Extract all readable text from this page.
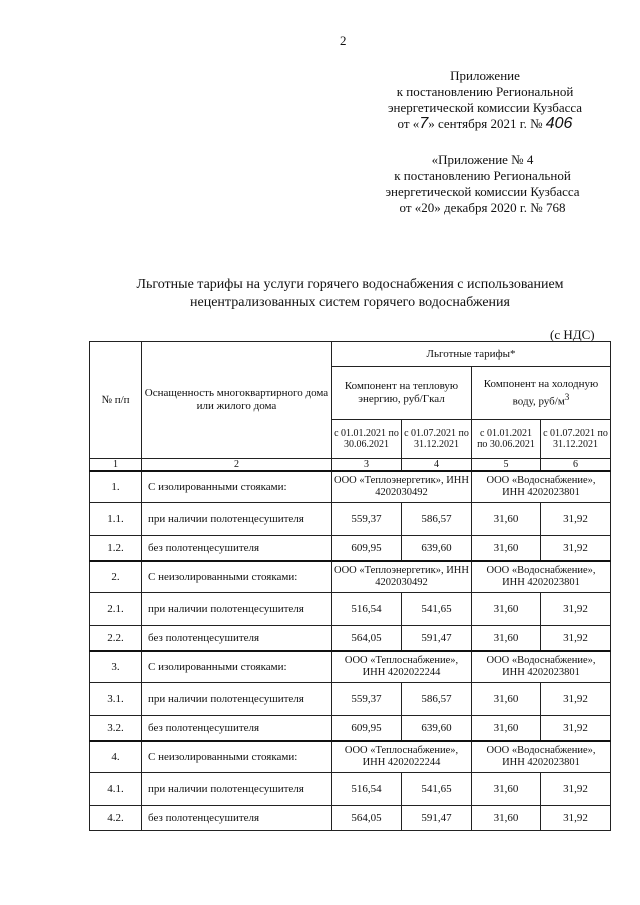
2
Приложение
к постановлению Региональной
энергетической комиссии Кузбасса
от «7» сентября 2021 г. № 406
«Приложение № 4
к постановлению Региональной
энергетической комиссии Кузбасса
от «20» декабря 2020 г. № 768
Льготные тарифы на услуги горячего водоснабжения с использованием
нецентрализованных систем горячего водоснабжения
(с НДС)
№ п/п	Оснащенность многоквартирного дома или жилого дома	Льготные тарифы*			
		Компонент на тепловую энергию, руб/Гкал		Компонент на холодную воду, руб/$м^3$
		с 01.01.2021 по 30.06.2021	с 01.07.2021 по 31.12.2021	с 01.01.2021 по 30.06.2021	с 01.07.2021 по 31.12.2021
1	2	3	4	5	6
1.	С изолированными стояками:	ООО «Теплоэнергетик», ИНН 4202030492		ООО «Водоснабжение», ИНН 4202023801	
1.1.	при наличии полотенцесушителя	559,37	586,57	31,60	31,92
1.2.	без полотенцесушителя	609,95	639,60	31,60	31,92
2.	С неизолированными стояками:	ООО «Теплоэнергетик», ИНН 4202030492		ООО «Водоснабжение», ИНН 4202023801	
2.1.	при наличии полотенцесушителя	516,54	541,65	31,60	31,92
2.2.	без полотенцесушителя	564,05	591,47	31,60	31,92
3.	С изолированными стояками:	ООО «Теплоснабжение», ИНН 4202022244		ООО «Водоснабжение», ИНН 4202023801	
3.1.	при наличии полотенцесушителя	559,37	586,57	31,60	31,92
3.2.	без полотенцесушителя	609,95	639,60	31,60	31,92
4.	С неизолированными стояками:	ООО «Теплоснабжение», ИНН 4202022244		ООО «Водоснабжение», ИНН 4202023801	
4.1.	при наличии полотенцесушителя	516,54	541,65	31,60	31,92
4.2.	без полотенцесушителя	564,05	591,47	31,60	31,92
